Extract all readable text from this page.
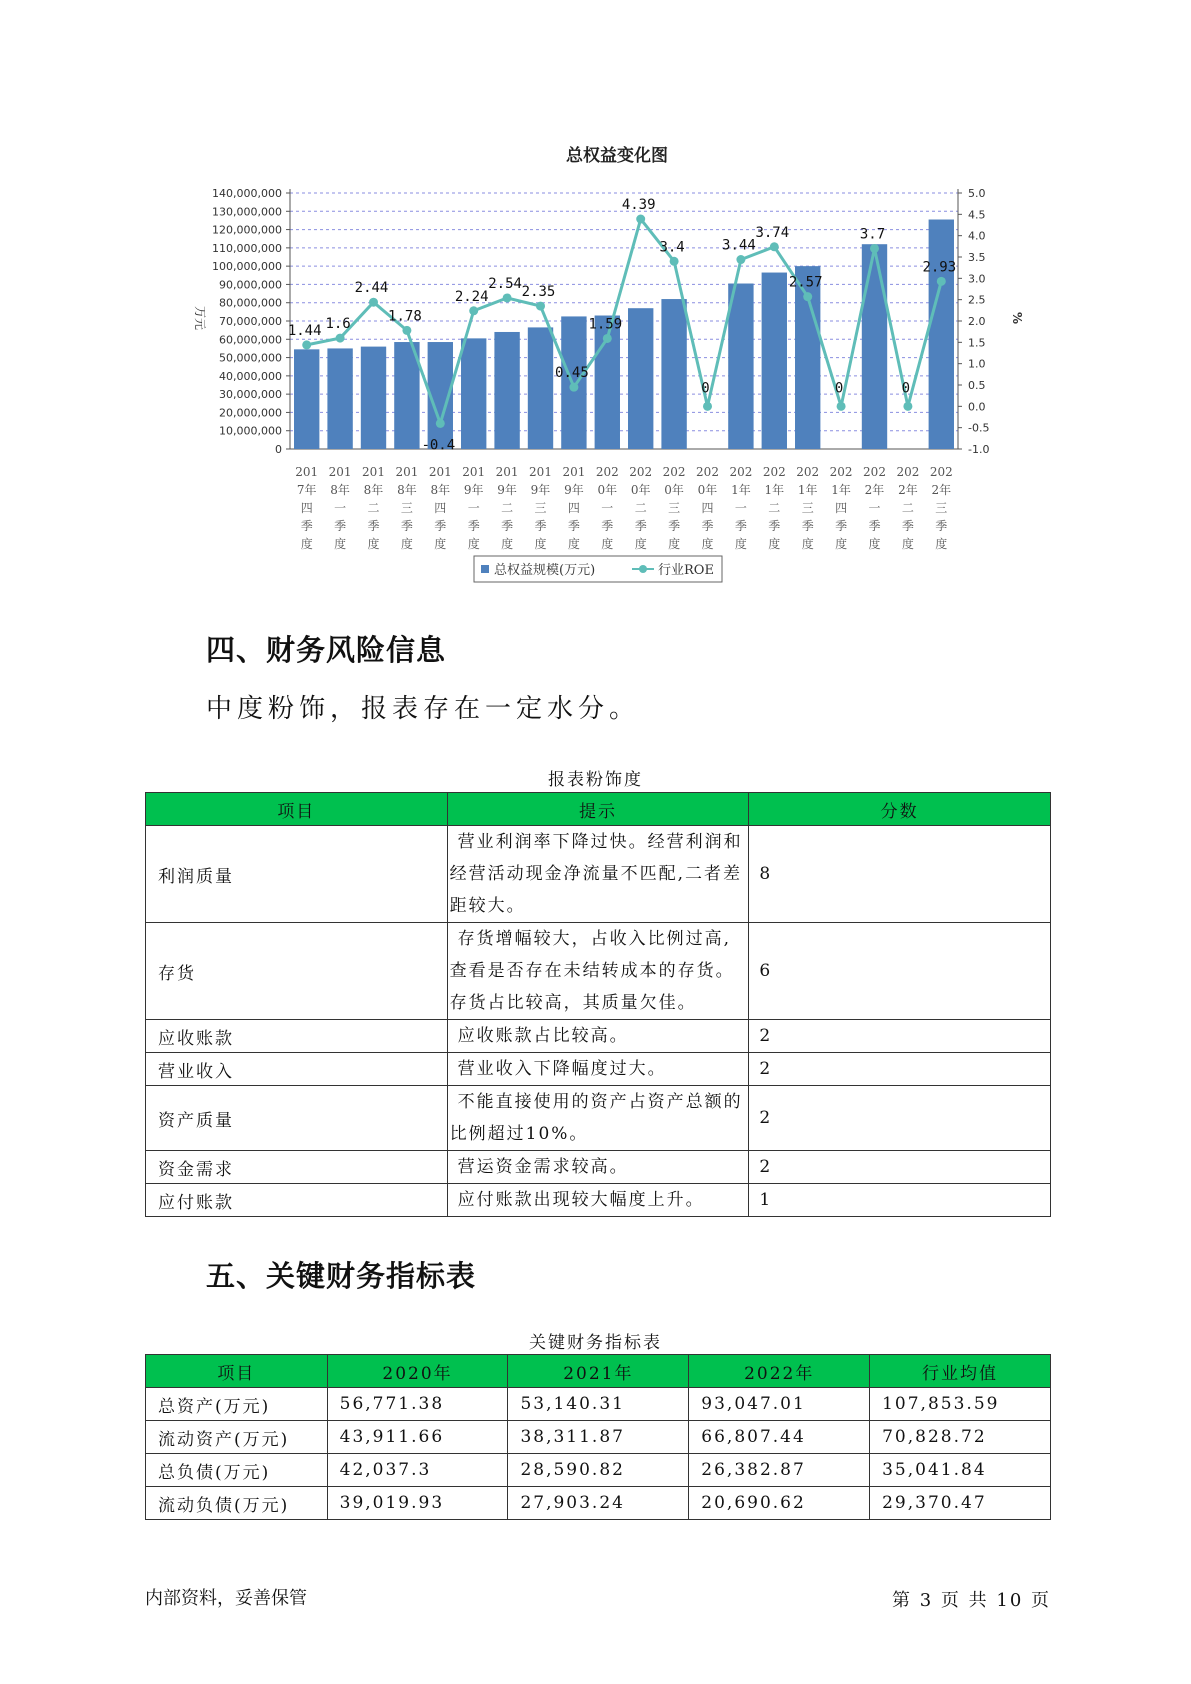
总权益变化图
0
10,000,000
20,000,000
30,000,000
40,000,000
50,000,000
60,000,000
70,000,000
80,000,000
90,000,000
100,000,000
110,000,000
120,000,000
130,000,000
140,000,000
-1.0
-0.5
0.0
0.5
1.0
1.5
2.0
2.5
3.0
3.5
4.0
4.5
5.0
万元	%
201
7年
四
季
度
201
8年
一
季
度
201
8年
二
季
度
201
8年
三
季
度
201
8年
四
季
度
201
9年
一
季
度
201
9年
二
季
度
201
9年
三
季
度
201
9年
四
季
度
202
0年
一
季
度
202
0年
二
季
度
202
0年
三
季
度
202
0年
四
季
度
202
1年
一
季
度
202
1年
二
季
度
202
1年
三
季
度
202
1年
四
季
度
202
2年
一
季
度
202
2年
二
季
度
202
2年
三
季
度
1.44 1.6
2.44
1.78
-0.4
2.24
2.54
2.35
0.45
1.59
4.39
3.4
0
3.44
3.74
2.57
0
3.7
0
2.93
总权益规模(万元)	行业ROE
四、财务风险信息
中度粉饰，报表存在一定水分。
报表粉饰度
项目	提示	分数
利润质量	营业利润率下降过快。经营利润和经营活动现金净流量不匹配,二者差距较大。	8
存货	存货增幅较大，占收入比例过高,查看是否存在未结转成本的存货。存货占比较高，其质量欠佳。	6
应收账款	应收账款占比较高。	2
营业收入	营业收入下降幅度过大。	2
资产质量	不能直接使用的资产占资产总额的比例超过10%。	2
资金需求	营运资金需求较高。	2
应付账款	应付账款出现较大幅度上升。	1
五、关键财务指标表
关键财务指标表
项目	2020年	2021年	2022年	行业均值
总资产(万元)	56,771.38	53,140.31	93,047.01	107,853.59
流动资产(万元)	43,911.66	38,311.87	66,807.44	70,828.72
总负债(万元)	42,037.3	28,590.82	26,382.87	35,041.84
流动负债(万元)	39,019.93	27,903.24	20,690.62	29,370.47
内部资料，妥善保管	第 3 页 共 10 页
